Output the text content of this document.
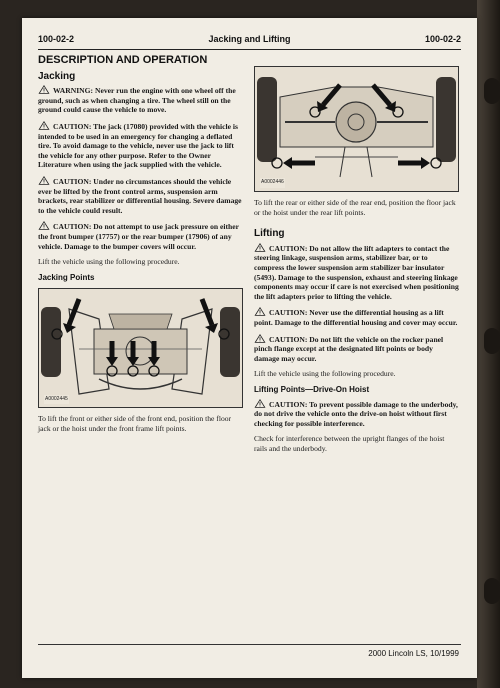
100-02-2	Jacking and Lifting	100-02-2
DESCRIPTION AND OPERATION
Jacking

WARNING: Never run the engine with one wheel off the ground, such as when changing a tire. The wheel still on the ground could cause the vehicle to move.

CAUTION: The jack (17080) provided with the vehicle is intended to be used in an emergency for changing a deflated tire. To avoid damage to the vehicle, never use the jack to lift the vehicle for any other purpose. Refer to the Owner Literature when using the jack supplied with the vehicle.

CAUTION: Under no circumstances should the vehicle ever be lifted by the front control arms, suspension arm brackets, rear stabilizer or differential housing. Severe damage to the vehicle could result.

CAUTION: Do not attempt to use jack pressure on either the front bumper (17757) or the rear bumper (17906) of any vehicle. Damage to the bumper covers will occur.

Lift the vehicle using the following procedure.

Jacking Points
A0002445

To lift the front or either side of the front end, position the floor jack or the hoist under the front frame lift points.

A0002446

To lift the rear or either side of the rear end, position the floor jack or the hoist under the rear lift points.

Lifting

CAUTION: Do not allow the lift adapters to contact the steering linkage, suspension arms, stabilizer bar, or to compress the lower suspension arm stabilizer bar insulator (5493). Damage to the suspension, exhaust and steering linkage components may occur if care is not exercised when positioning the lift adapters prior to lifting the vehicle.

CAUTION: Never use the differential housing as a lift point. Damage to the differential housing and cover may occur.

CAUTION: Do not lift the vehicle on the rocker panel pinch flange except at the designated lift points or body damage may occur.

Lift the vehicle using the following procedure.

Lifting Points—Drive-On Hoist

CAUTION: To prevent possible damage to the underbody, do not drive the vehicle onto the drive-on hoist without first checking for possible interference.

Check for interference between the upright flanges of the hoist rails and the underbody.

2000 Lincoln LS, 10/1999
